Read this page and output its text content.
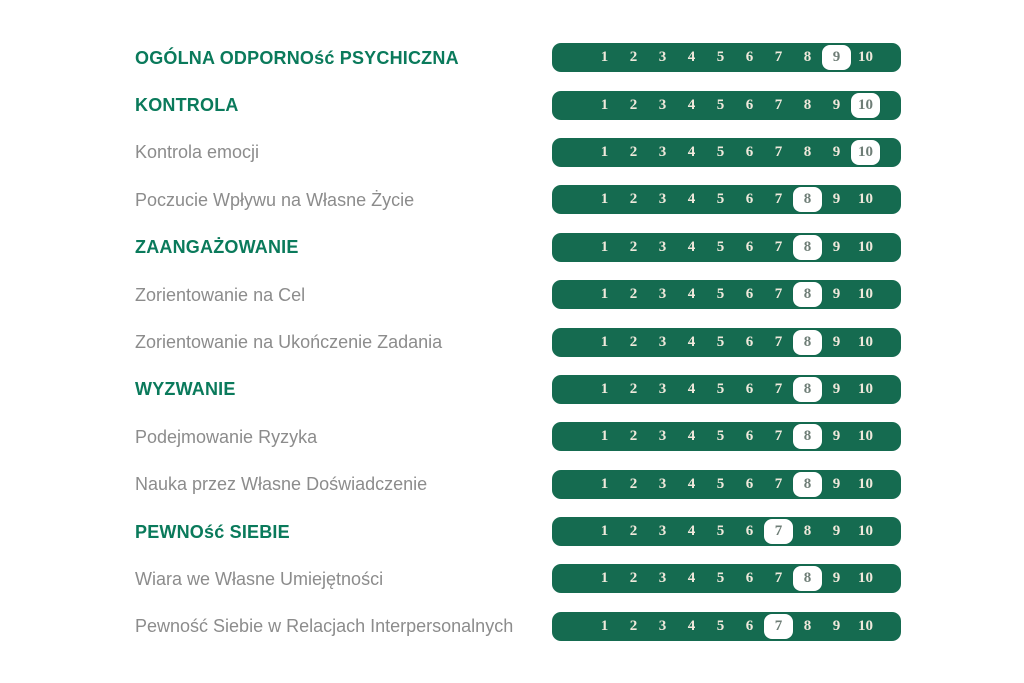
OGÓLNA ODPORNOść PSYCHICZNA	1	2	3	4	5	6	7	8	9	10
KONTROLA	1	2	3	4	5	6	7	8	9	10
Kontrola emocji	1	2	3	4	5	6	7	8	9	10
Poczucie Wpływu na Własne Życie	1	2	3	4	5	6	7	8	9	10
ZAANGAŻOWANIE	1	2	3	4	5	6	7	8	9	10
Zorientowanie na Cel	1	2	3	4	5	6	7	8	9	10
Zorientowanie na Ukończenie Zadania	1	2	3	4	5	6	7	8	9	10
WYZWANIE	1	2	3	4	5	6	7	8	9	10
Podejmowanie Ryzyka	1	2	3	4	5	6	7	8	9	10
Nauka przez Własne Doświadczenie	1	2	3	4	5	6	7	8	9	10
PEWNOść SIEBIE	1	2	3	4	5	6	7	8	9	10
Wiara we Własne Umiejętności	1	2	3	4	5	6	7	8	9	10
Pewność Siebie w Relacjach Interpersonalnych	1	2	3	4	5	6	7	8	9	10
